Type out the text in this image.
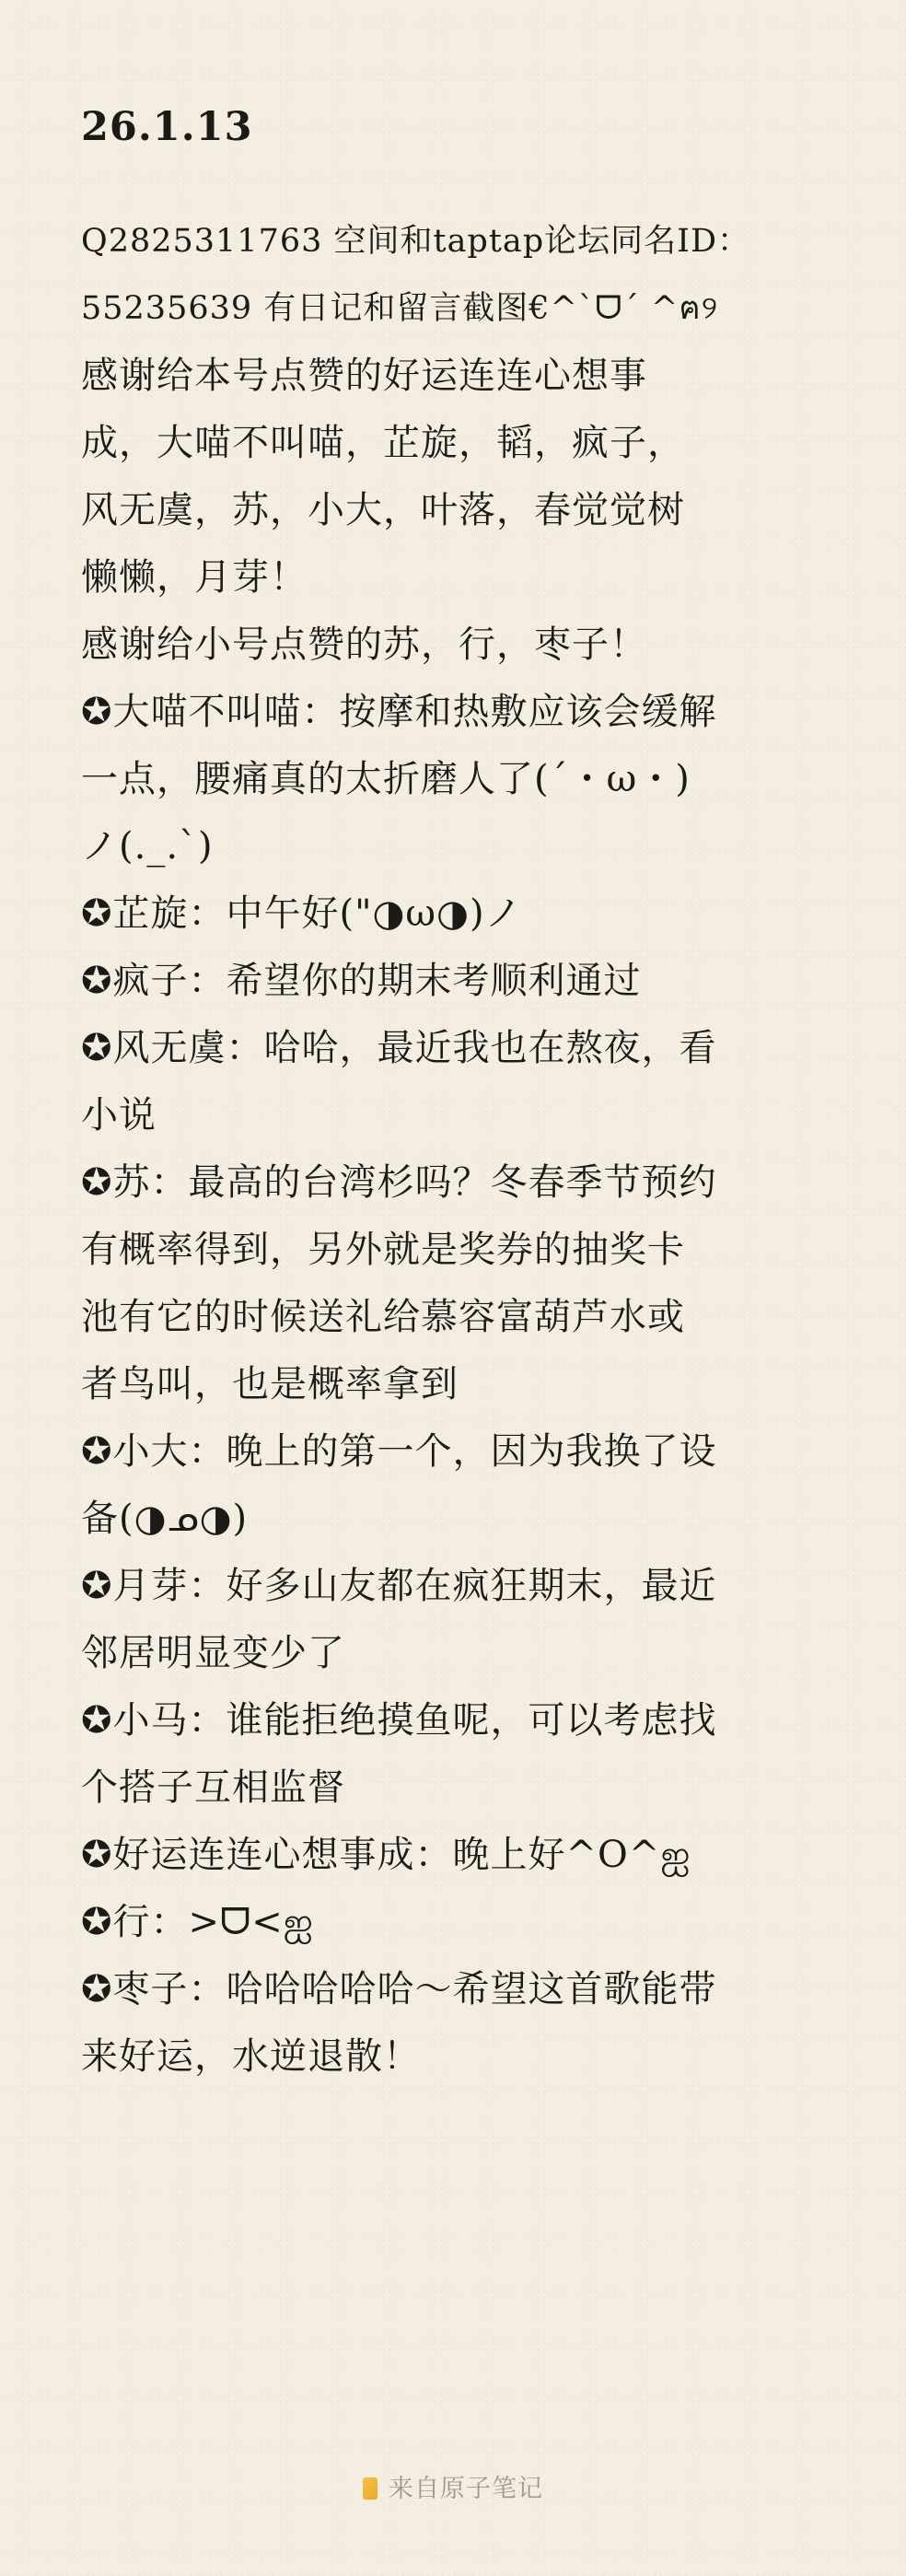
26.1.13
Q2825311763 空间和taptap论坛同名ID：
55235639 有日记和留言截图€^`ᗜ´ ^ฅ୨
感谢给本号点赞的好运连连心想事
成，大喵不叫喵，芷旋，韬，疯子，
风无虞，苏，小大，叶落，春觉觉树
懒懒，月芽！
感谢给小号点赞的苏，行，枣子！
✪大喵不叫喵：按摩和热敷应该会缓解
一点，腰痛真的太折磨人了(´・ω・)
ノ(._.`)
✪芷旋：中午好("◑ω◑)ノ
✪疯子：希望你的期末考顺利通过
✪风无虞：哈哈，最近我也在熬夜，看
小说
✪苏：最高的台湾杉吗？冬春季节预约
有概率得到，另外就是奖券的抽奖卡
池有它的时候送礼给慕容富葫芦水或
者鸟叫，也是概率拿到
✪小大：晚上的第一个，因为我换了设
备(◑ᓄ◑)
✪月芽：好多山友都在疯狂期末，最近
邻居明显变少了
✪小马：谁能拒绝摸鱼呢，可以考虑找
个搭子互相监督
✪好运连连心想事成：晚上好^O^ஐ
✪行：>ᗜ<ஐ
✪枣子：哈哈哈哈哈～希望这首歌能带
来好运，水逆退散！
来自原子笔记
